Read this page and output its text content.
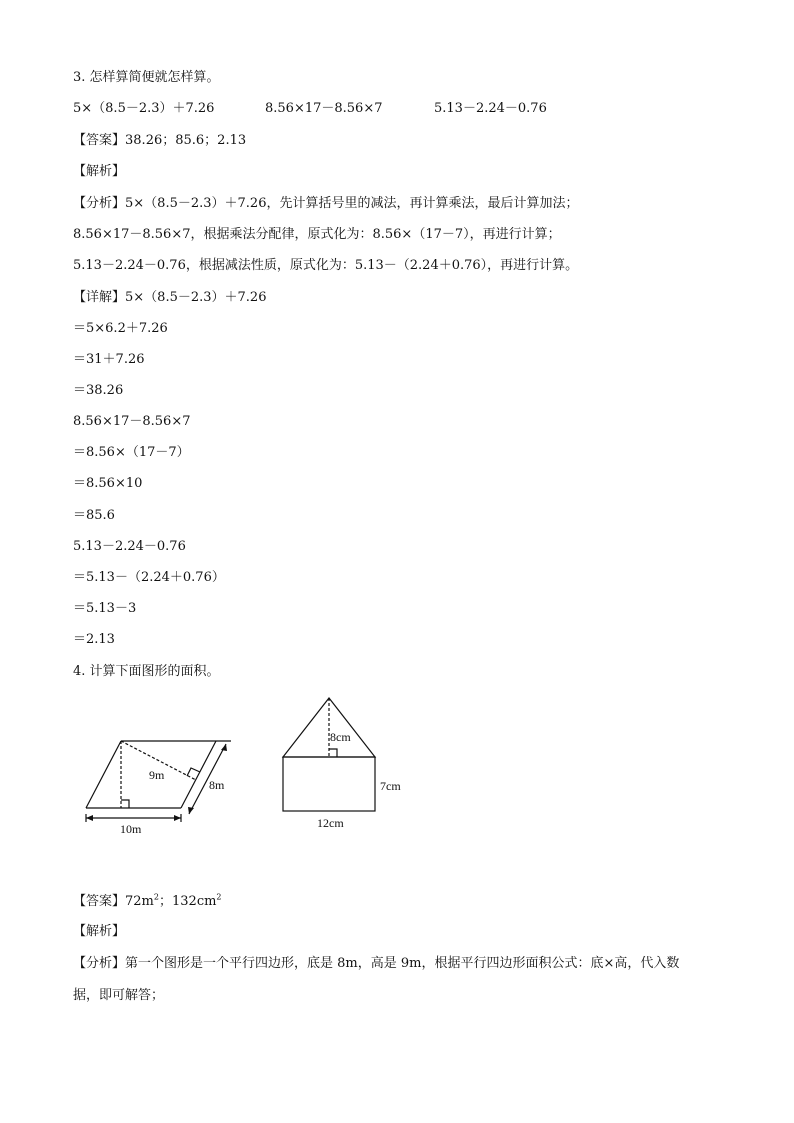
3. 怎样算简便就怎样算。
5×（8.5－2.3）＋7.26	8.56×17－8.56×7	5.13－2.24－0.76
【答案】38.26；85.6；2.13
【解析】
【分析】5×（8.5－2.3）＋7.26，先计算括号里的减法，再计算乘法，最后计算加法；
8.56×17－8.56×7，根据乘法分配律，原式化为：8.56×（17－7），再进行计算；
5.13－2.24－0.76，根据减法性质，原式化为：5.13－（2.24＋0.76），再进行计算。
【详解】5×（8.5－2.3）＋7.26
＝5×6.2＋7.26
＝31＋7.26
＝38.26
8.56×17－8.56×7
＝8.56×（17－7）
＝8.56×10
＝85.6
5.13－2.24－0.76
＝5.13－（2.24＋0.76）
＝5.13－3
＝2.13
4. 计算下面图形的面积。
9m
8m
10m
8cm
7cm
12cm
【答案】$72m^2$；$132cm^2$
【解析】
【分析】第一个图形是一个平行四边形，底是 8m，高是 9m，根据平行四边形面积公式：底×高，代入数
据，即可解答；
